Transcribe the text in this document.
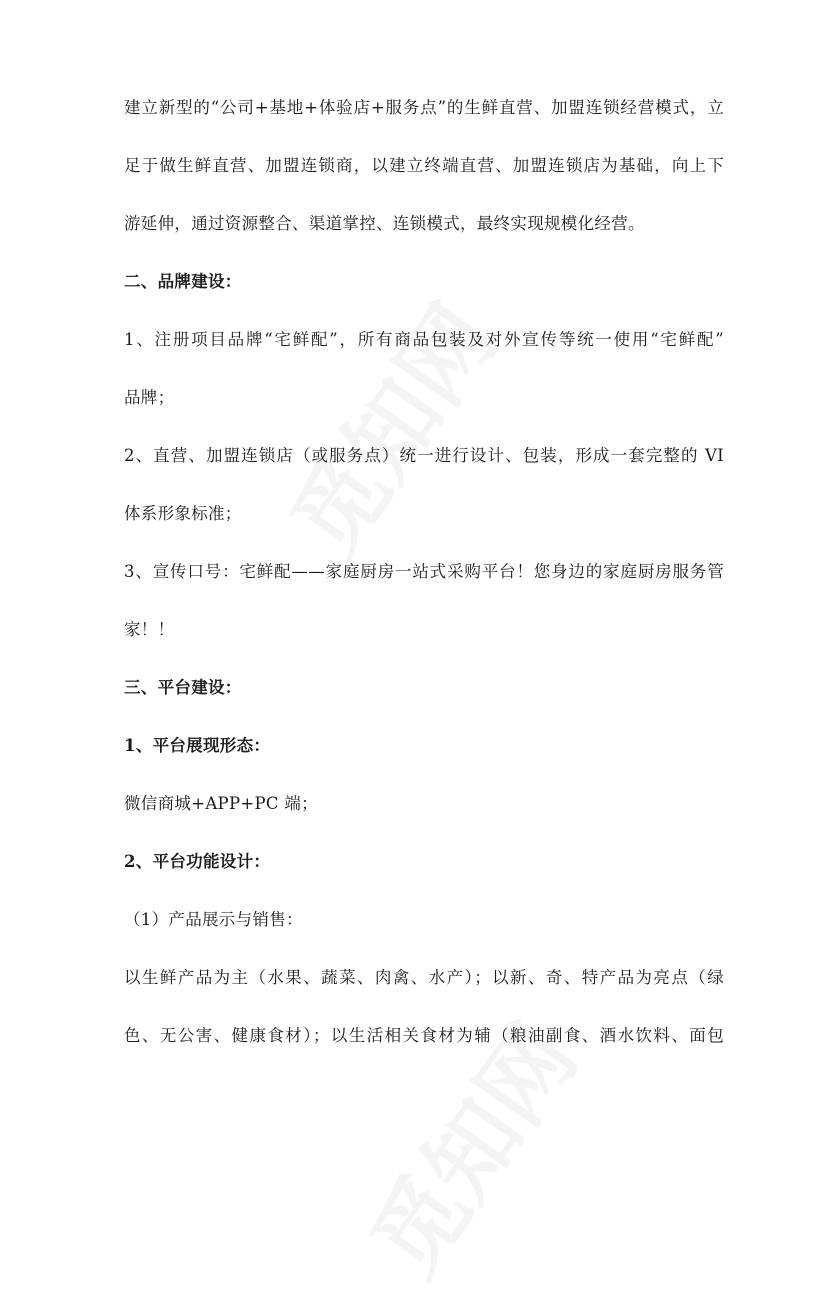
建立新型的“公司+基地+体验店+服务点”的生鲜直营、加盟连锁经营模式，立
足于做生鲜直营、加盟连锁商，以建立终端直营、加盟连锁店为基础，向上下
游延伸，通过资源整合、渠道掌控、连锁模式，最终实现规模化经营。
二、品牌建设：
1、注册项目品牌“宅鲜配”，所有商品包装及对外宣传等统一使用“宅鲜配”
品牌；
2、直营、加盟连锁店（或服务点）统一进行设计、包装，形成一套完整的 VI
体系形象标准；
3、宣传口号：宅鲜配——家庭厨房一站式采购平台！您身边的家庭厨房服务管
家！！
三、平台建设：
1、平台展现形态：
微信商城+APP+PC 端；
2、平台功能设计：
（1）产品展示与销售：
以生鲜产品为主（水果、蔬菜、肉禽、水产）；以新、奇、特产品为亮点（绿
色、无公害、健康食材）；以生活相关食材为辅（粮油副食、酒水饮料、面包
